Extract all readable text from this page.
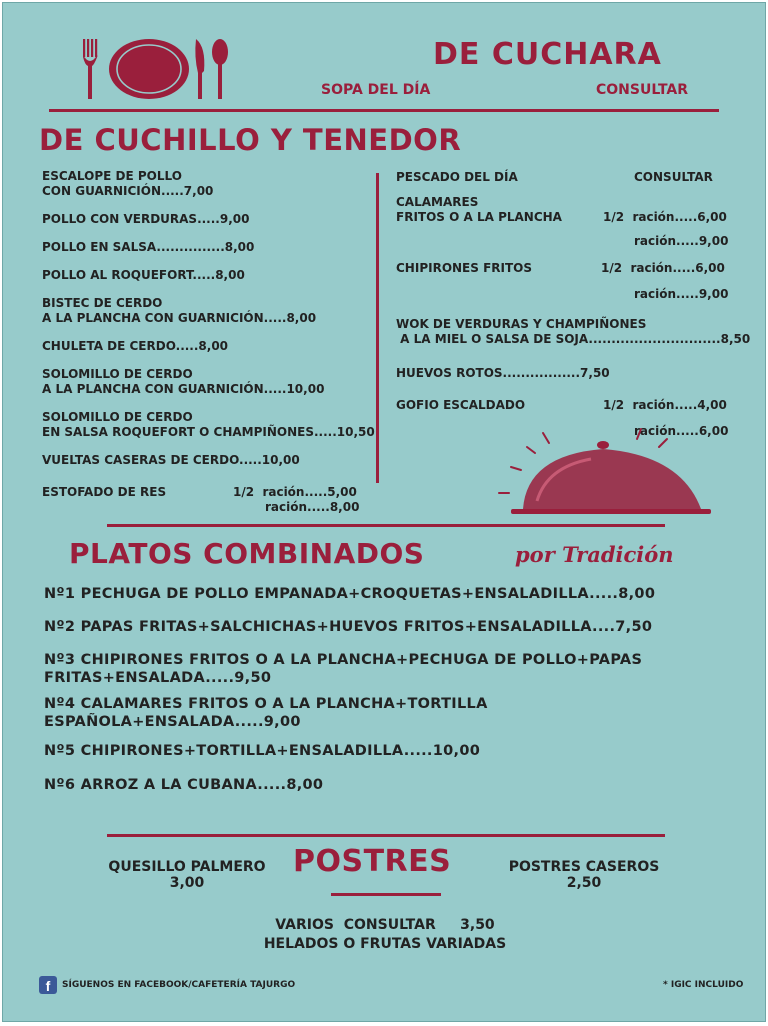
DE CUCHARA
SOPA DEL DÍA	CONSULTAR
DE CUCHILLO Y TENEDOR
ESCALOPE DE POLLO
CON GUARNICIÓN.....7,00
POLLO CON VERDURAS.....9,00
POLLO EN SALSA...............8,00
POLLO AL ROQUEFORT.....8,00
BISTEC DE CERDO
A LA PLANCHA CON GUARNICIÓN.....8,00
CHULETA DE CERDO.....8,00
SOLOMILLO DE CERDO
A LA PLANCHA CON GUARNICIÓN.....10,00
SOLOMILLO DE CERDO
EN SALSA ROQUEFORT O CHAMPIÑONES.....10,50
VUELTAS CASERAS DE CERDO.....10,00
ESTOFADO DE RES	1/2  ración.....5,00
ración.....8,00
PESCADO DEL DÍA	CONSULTAR
CALAMARES
FRITOS O A LA PLANCHA	1/2  ración.....6,00
ración.....9,00
CHIPIRONES FRITOS	1/2  ración.....6,00
ración.....9,00
WOK DE VERDURAS Y CHAMPIÑONES
A LA MIEL O SALSA DE SOJA.............................8,50
HUEVOS ROTOS.................7,50
GOFIO ESCALDADO	1/2  ración.....4,00
ración.....6,00
PLATOS COMBINADOS	por Tradición
Nº1 PECHUGA DE POLLO EMPANADA+CROQUETAS+ENSALADILLA.....8,00
Nº2 PAPAS FRITAS+SALCHICHAS+HUEVOS FRITOS+ENSALADILLA....7,50
Nº3 CHIPIRONES FRITOS O A LA PLANCHA+PECHUGA DE POLLO+PAPAS
FRITAS+ENSALADA.....9,50
Nº4 CALAMARES FRITOS O A LA PLANCHA+TORTILLA
ESPAÑOLA+ENSALADA.....9,00
Nº5 CHIPIRONES+TORTILLA+ENSALADILLA.....10,00
Nº6 ARROZ A LA CUBANA.....8,00
POSTRES
QUESILLO PALMERO
3,00
POSTRES CASEROS
2,50
VARIOS  CONSULTAR     3,50
HELADOS O FRUTAS VARIADAS
f	SÍGUENOS EN FACEBOOK/CAFETERÍA TAJURGO	* IGIC INCLUIDO
